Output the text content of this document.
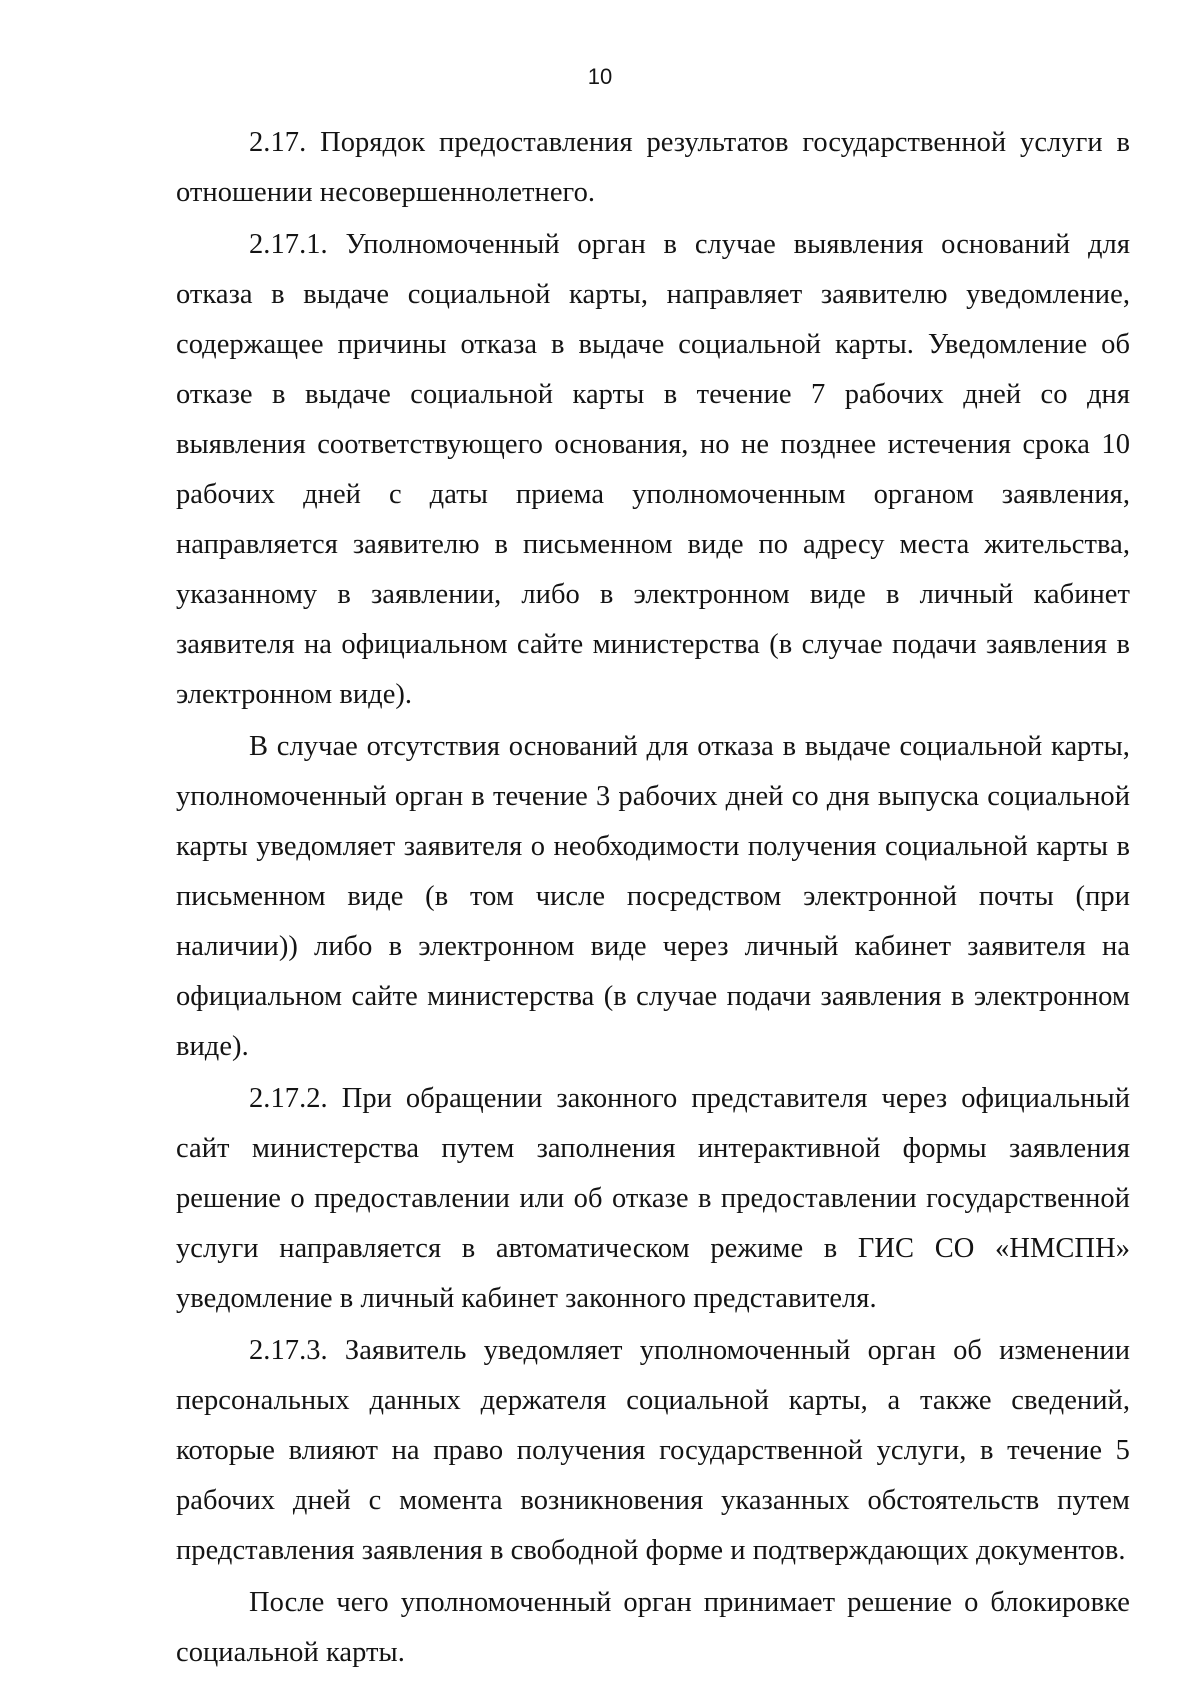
10

2.17. Порядок предоставления результатов государственной услуги в отношении несовершеннолетнего.

2.17.1. Уполномоченный орган в случае выявления оснований для отказа в выдаче социальной карты, направляет заявителю уведомление, содержащее причины отказа в выдаче социальной карты. Уведомление об отказе в выдаче социальной карты в течение 7 рабочих дней со дня выявления соответствующего основания, но не позднее истечения срока 10 рабочих дней с даты приема уполномоченным органом заявления, направляется заявителю в письменном виде по адресу места жительства, указанному в заявлении, либо в электронном виде в личный кабинет заявителя на официальном сайте министерства (в случае подачи заявления в электронном виде).

В случае отсутствия оснований для отказа в выдаче социальной карты, уполномоченный орган в течение 3 рабочих дней со дня выпуска социальной карты уведомляет заявителя о необходимости получения социальной карты в письменном виде (в том числе посредством электронной почты (при наличии)) либо в электронном виде через личный кабинет заявителя на официальном сайте министерства (в случае подачи заявления в электронном виде).

2.17.2. При обращении законного представителя через официальный сайт министерства путем заполнения интерактивной формы заявления решение о предоставлении или об отказе в предоставлении государственной услуги направляется в автоматическом режиме в ГИС СО «НМСПН» уведомление в личный кабинет законного представителя.

2.17.3. Заявитель уведомляет уполномоченный орган об изменении персональных данных держателя социальной карты, а также сведений, которые влияют на право получения государственной услуги, в течение 5 рабочих дней с момента возникновения указанных обстоятельств путем представления заявления в свободной форме и подтверждающих документов.

После чего уполномоченный орган принимает решение о блокировке социальной карты.
